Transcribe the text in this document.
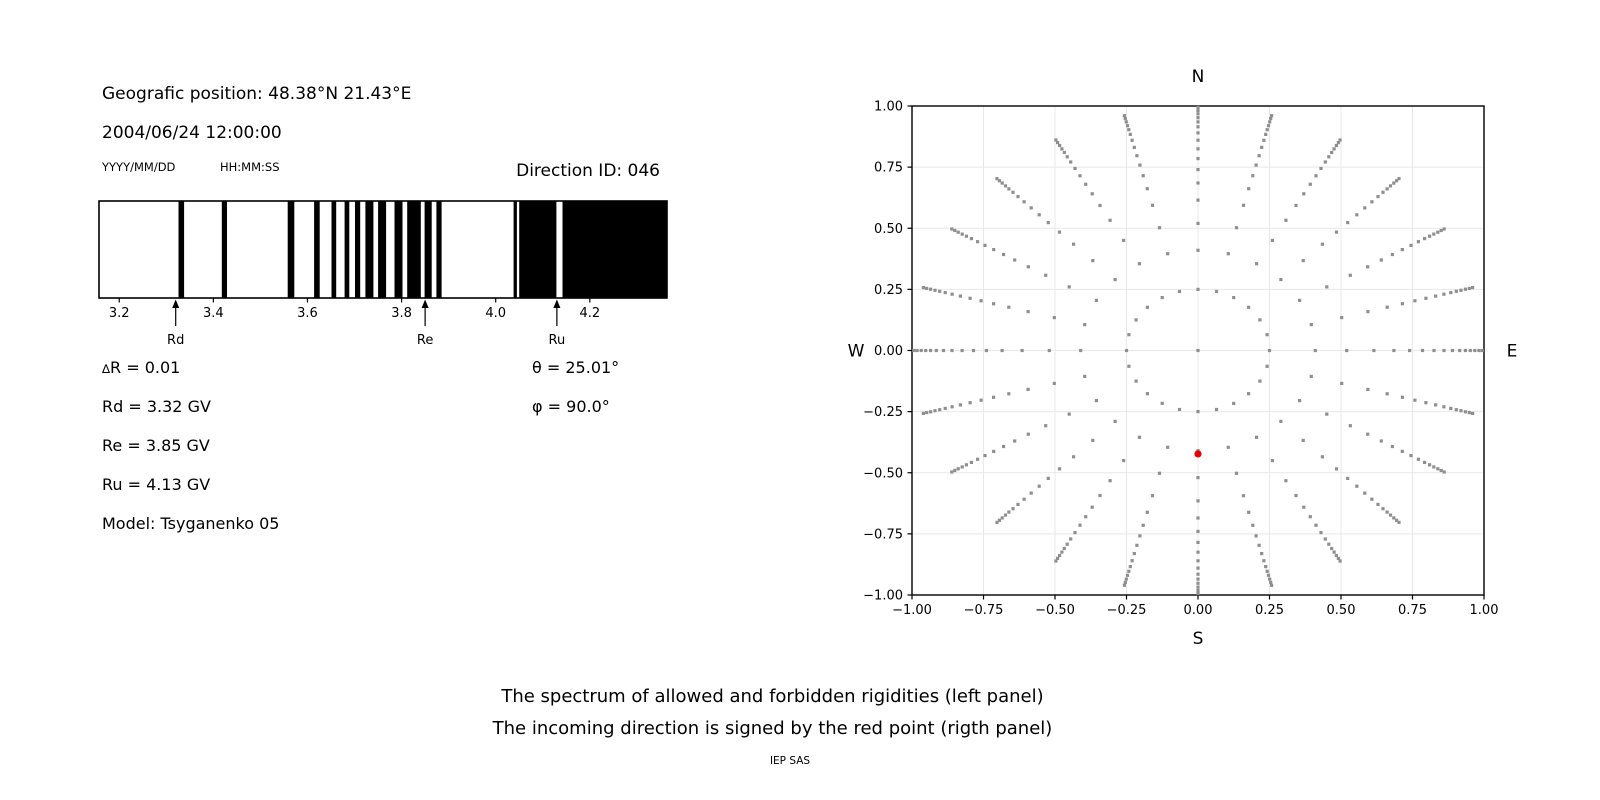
Geografic position: 48.38°N 21.43°E
2004/06/24 12:00:00
YYYY/MM/DD	HH:MM:SS	Direction ID: 046
3.2	3.4	3.6	3.8	4.0	4.2
Rd	Re	Ru
∆R = 0.01
Rd = 3.32 GV
Re = 3.85 GV
Ru = 4.13 GV
Model: Tsyganenko 05
θ = 25.01°
φ = 90.0°
−1.00 −0.75 −0.50 −0.25	0.00	0.25	0.50	0.75	1.00
1.00
0.75
0.50
0.25
0.00
−0.25
−0.50
−0.75
−1.00
N
S
W	E
The spectrum of allowed and forbidden rigidities (left panel)
The incoming direction is signed by the red point (rigth panel)
IEP SAS
